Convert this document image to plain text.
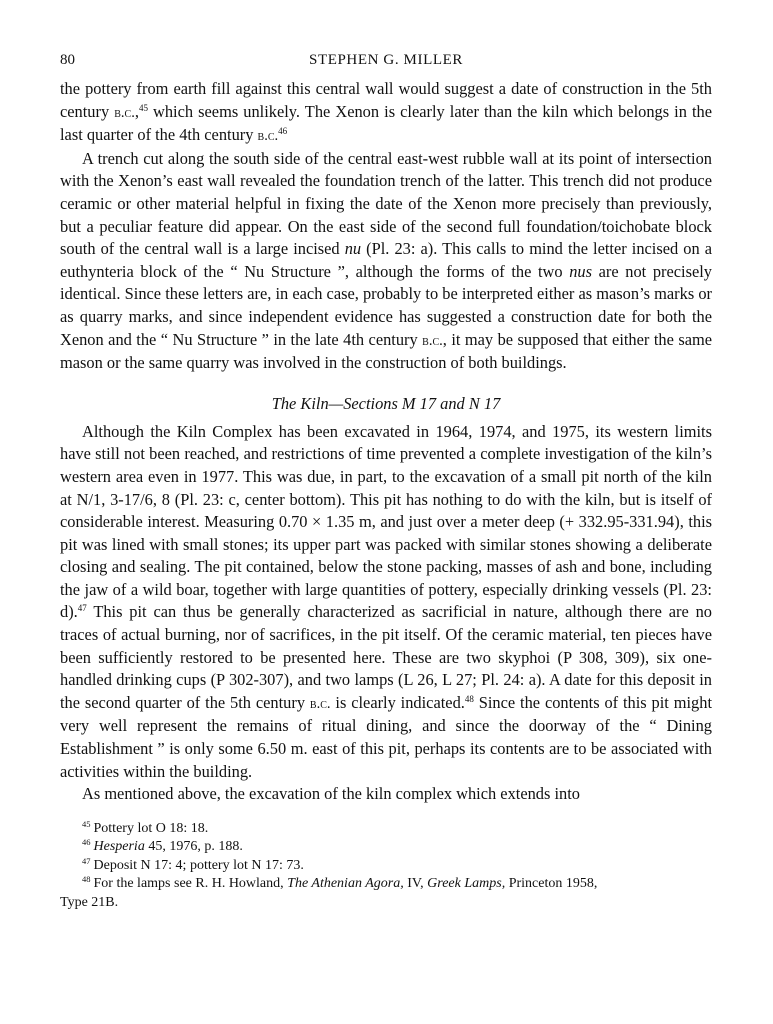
80	STEPHEN G. MILLER

the pottery from earth fill against this central wall would suggest a date of construction in the 5th century b.c.,$^{45}$ which seems unlikely. The Xenon is clearly later than the kiln which belongs in the last quarter of the 4th century b.c.$^{46}$

A trench cut along the south side of the central east-west rubble wall at its point of intersection with the Xenon’s east wall revealed the foundation trench of the latter. This trench did not produce ceramic or other material helpful in fixing the date of the Xenon more precisely than previously, but a peculiar feature did appear. On the east side of the second full foundation/toichobate block south of the central wall is a large incised nu (Pl. 23: a). This calls to mind the letter incised on a euthynteria block of the “ Nu Structure ”, although the forms of the two nus are not precisely identical. Since these letters are, in each case, probably to be interpreted either as mason’s marks or as quarry marks, and since independent evidence has suggested a construction date for both the Xenon and the “ Nu Structure ” in the late 4th century b.c., it may be supposed that either the same mason or the same quarry was involved in the construction of both buildings.

The Kiln—Sections M 17 and N 17

Although the Kiln Complex has been excavated in 1964, 1974, and 1975, its western limits have still not been reached, and restrictions of time prevented a complete investigation of the kiln’s western area even in 1977. This was due, in part, to the excavation of a small pit north of the kiln at N/1, 3-17/6, 8 (Pl. 23: c, center bottom). This pit has nothing to do with the kiln, but is itself of considerable interest. Measuring 0.70 × 1.35 m, and just over a meter deep (+ 332.95-331.94), this pit was lined with small stones; its upper part was packed with similar stones showing a deliberate closing and sealing. The pit contained, below the stone packing, masses of ash and bone, including the jaw of a wild boar, together with large quantities of pottery, especially drinking vessels (Pl. 23: d).$^{47}$ This pit can thus be generally characterized as sacrificial in nature, although there are no traces of actual burning, nor of sacrifices, in the pit itself. Of the ceramic material, ten pieces have been sufficiently restored to be presented here. These are two skyphoi (P 308, 309), six one-handled drinking cups (P 302-307), and two lamps (L 26, L 27; Pl. 24: a). A date for this deposit in the second quarter of the 5th century b.c. is clearly indicated.$^{48}$ Since the contents of this pit might very well represent the remains of ritual dining, and since the doorway of the “ Dining Establishment ” is only some 6.50 m. east of this pit, perhaps its contents are to be associated with activities within the building.

As mentioned above, the excavation of the kiln complex which extends into

$^{45}$ Pottery lot O 18: 18.

$^{46}$ Hesperia 45, 1976, p. 188.

$^{47}$ Deposit N 17: 4; pottery lot N 17: 73.

$^{48}$ For the lamps see R. H. Howland, The Athenian Agora, IV, Greek Lamps, Princeton 1958,
Type 21B.
